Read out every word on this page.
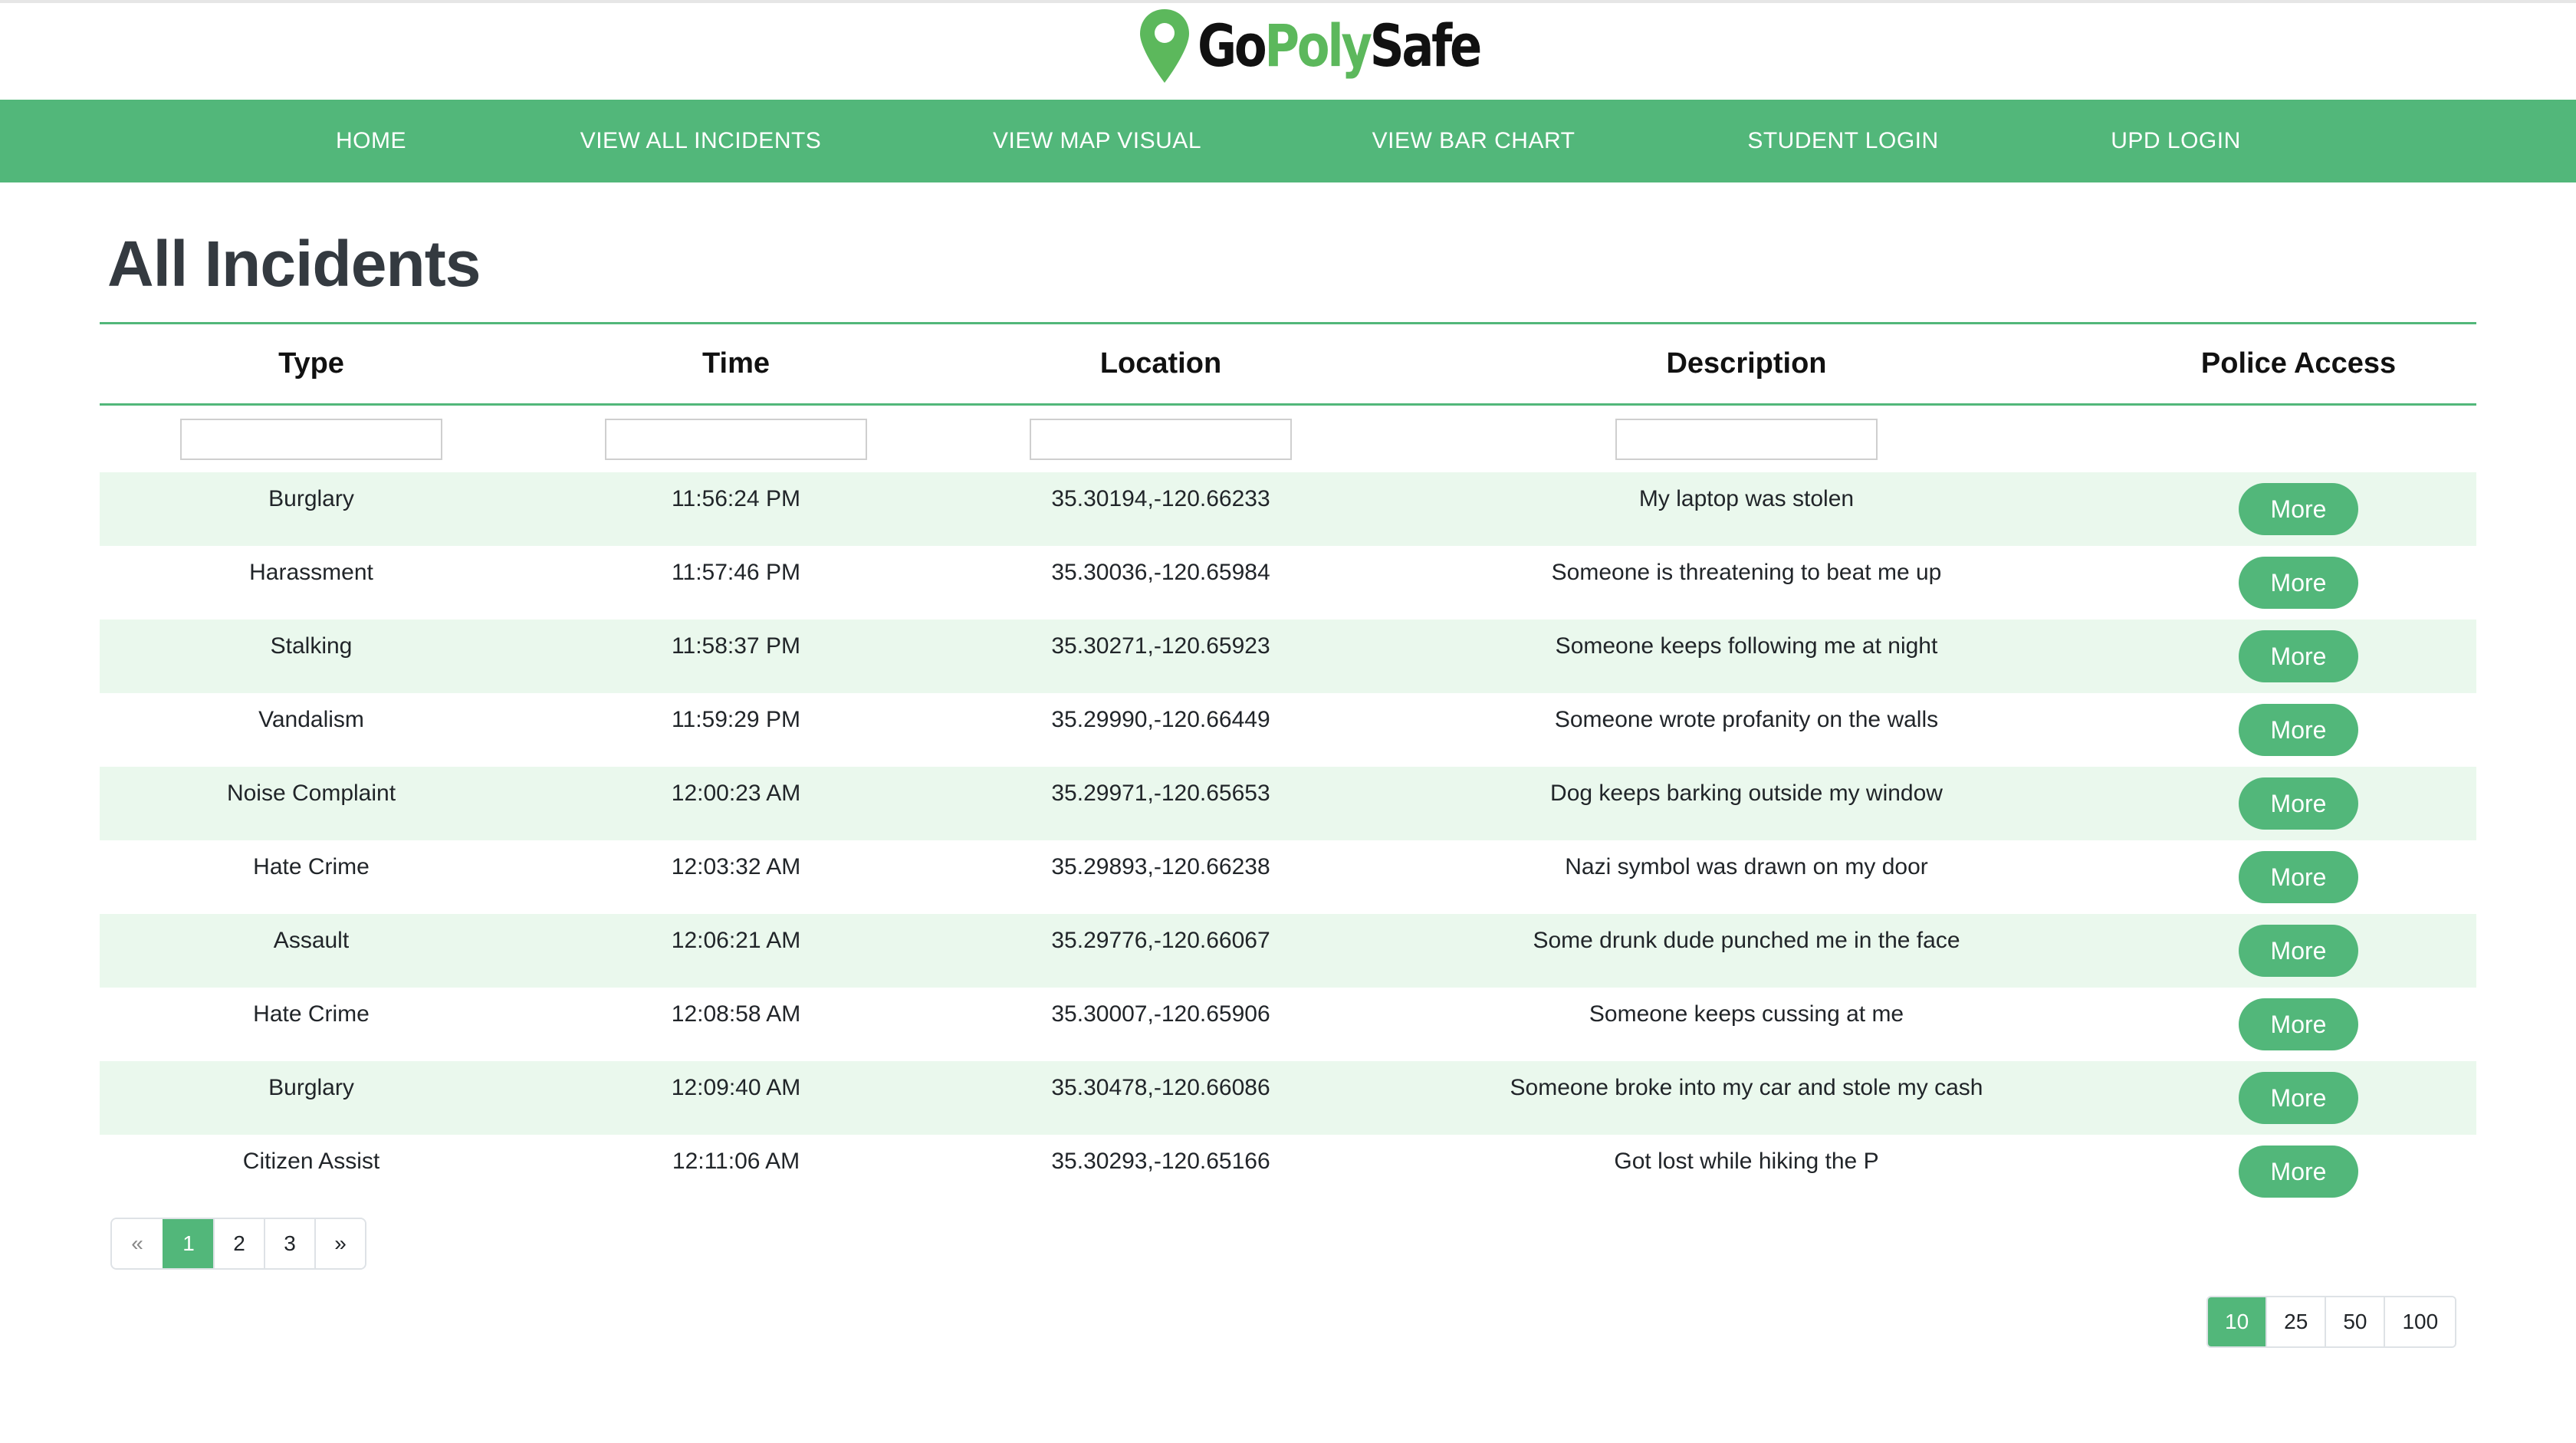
GoPolySafe
HOME	VIEW ALL INCIDENTS	VIEW MAP VISUAL	VIEW BAR CHART	STUDENT LOGIN	UPD LOGIN
All Incidents
Type	Time	Location	Description	Police Access
Burglary	11:56:24 PM	35.30194,-120.66233	My laptop was stolen	More
Harassment	11:57:46 PM	35.30036,-120.65984	Someone is threatening to beat me up	More
Stalking	11:58:37 PM	35.30271,-120.65923	Someone keeps following me at night	More
Vandalism	11:59:29 PM	35.29990,-120.66449	Someone wrote profanity on the walls	More
Noise Complaint	12:00:23 AM	35.29971,-120.65653	Dog keeps barking outside my window	More
Hate Crime	12:03:32 AM	35.29893,-120.66238	Nazi symbol was drawn on my door	More
Assault	12:06:21 AM	35.29776,-120.66067	Some drunk dude punched me in the face	More
Hate Crime	12:08:58 AM	35.30007,-120.65906	Someone keeps cussing at me	More
Burglary	12:09:40 AM	35.30478,-120.66086	Someone broke into my car and stole my cash	More
Citizen Assist	12:11:06 AM	35.30293,-120.65166	Got lost while hiking the P	More
«	1	2	3	»
10	25	50	100
